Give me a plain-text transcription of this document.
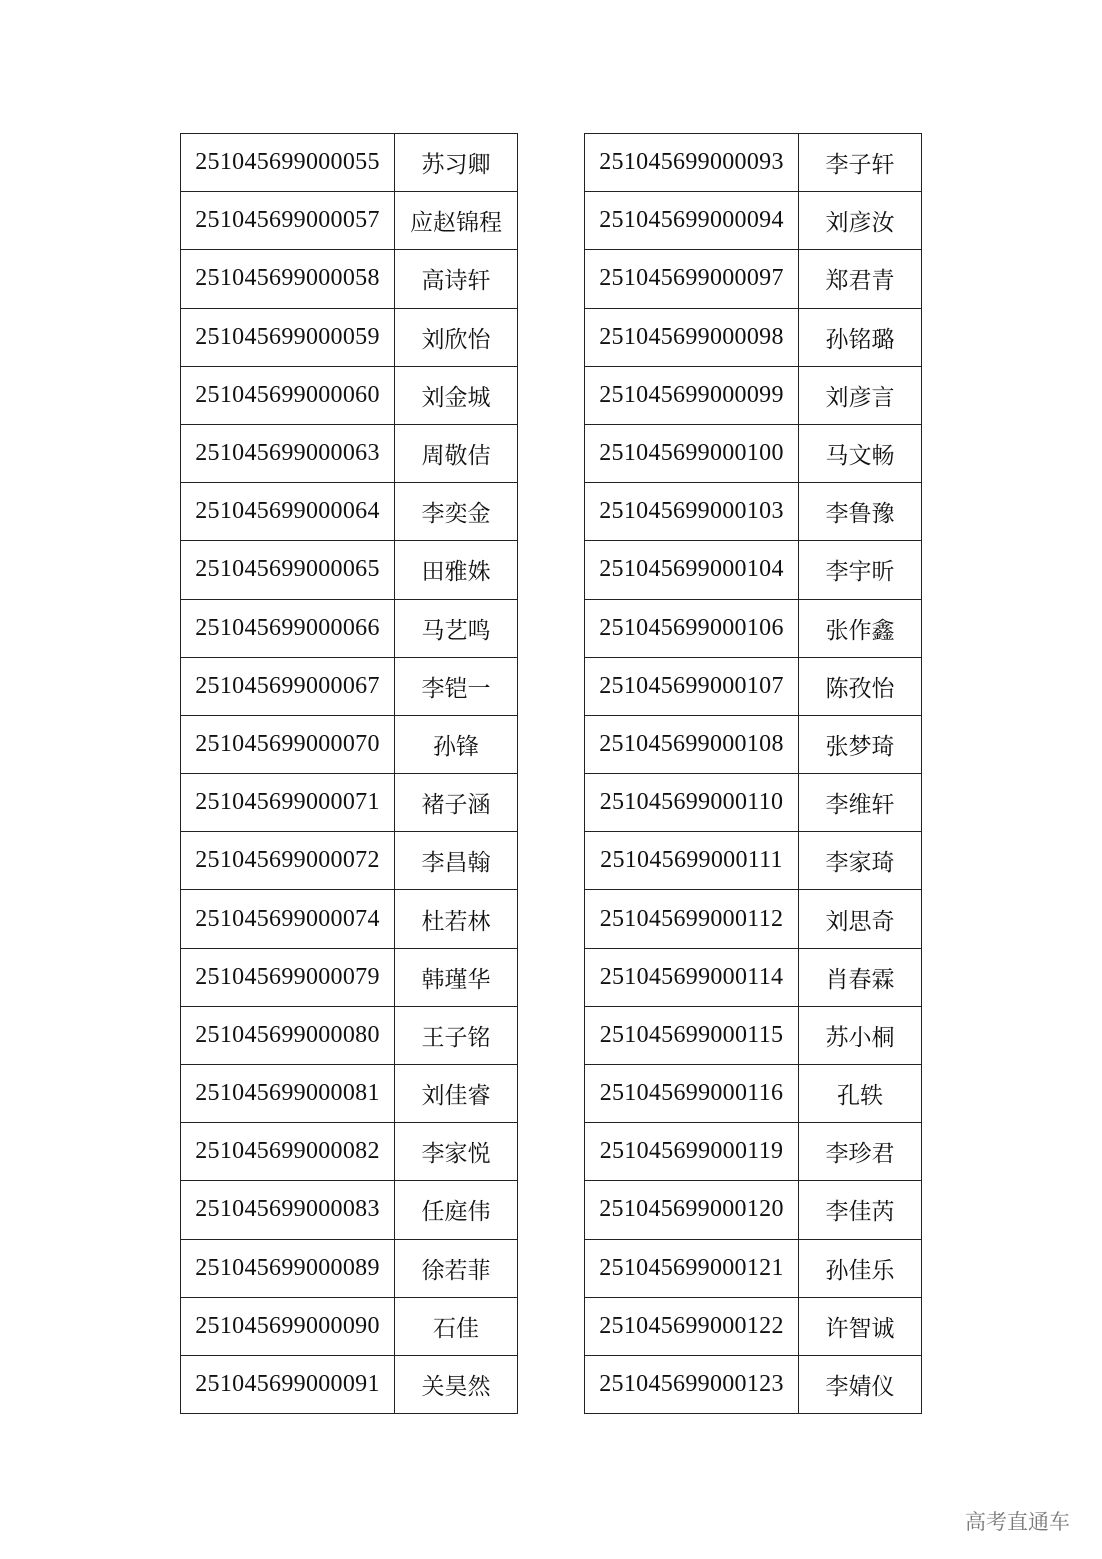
251045699000055	苏习卿
251045699000057	应赵锦程
251045699000058	高诗轩
251045699000059	刘欣怡
251045699000060	刘金城
251045699000063	周敬佶
251045699000064	李奕金
251045699000065	田雅姝
251045699000066	马艺鸣
251045699000067	李铠一
251045699000070	孙锋
251045699000071	褚子涵
251045699000072	李昌翰
251045699000074	杜若林
251045699000079	韩瑾华
251045699000080	王子铭
251045699000081	刘佳睿
251045699000082	李家悦
251045699000083	任庭伟
251045699000089	徐若菲
251045699000090	石佳
251045699000091	关昊然
251045699000093	李子轩
251045699000094	刘彦汝
251045699000097	郑君青
251045699000098	孙铭璐
251045699000099	刘彦言
251045699000100	马文畅
251045699000103	李鲁豫
251045699000104	李宇昕
251045699000106	张作鑫
251045699000107	陈孜怡
251045699000108	张梦琦
251045699000110	李维轩
251045699000111	李家琦
251045699000112	刘思奇
251045699000114	肖春霖
251045699000115	苏小桐
251045699000116	孔轶
251045699000119	李珍君
251045699000120	李佳芮
251045699000121	孙佳乐
251045699000122	许智诚
251045699000123	李婧仪
高考直通车
